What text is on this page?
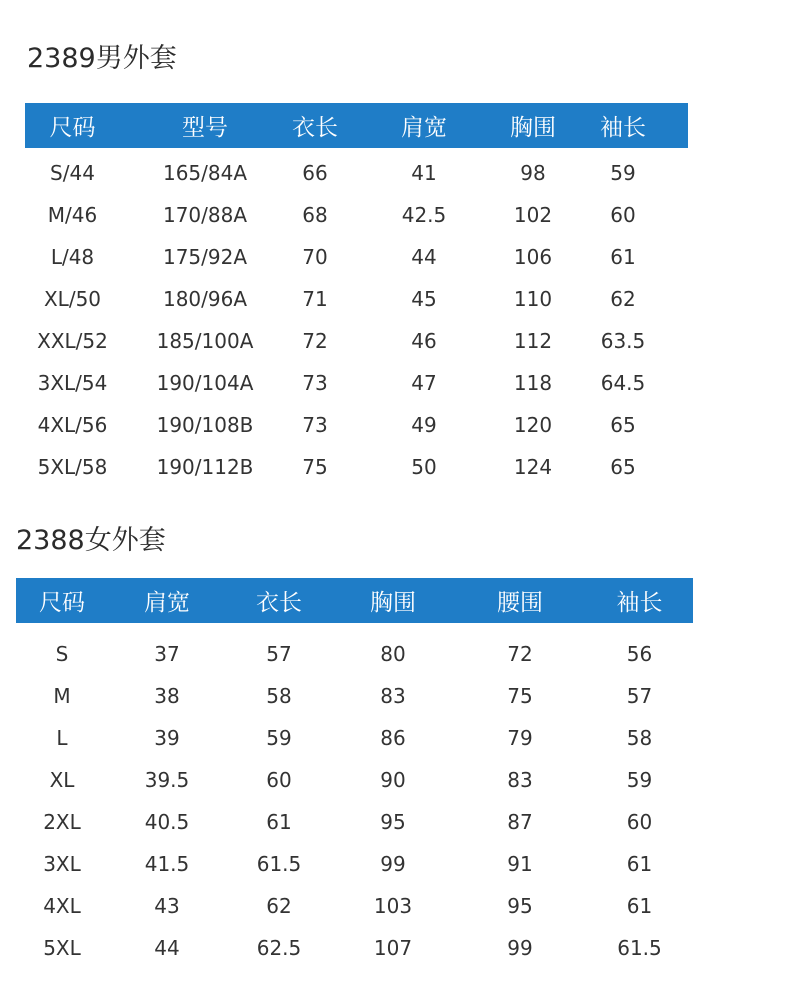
2389男外套
尺码	型号	衣长	肩宽	胸围	袖长
S/44	165/84A	66	41	98	59
M/46	170/88A	68	42.5	102	60
L/48	175/92A	70	44	106	61
XL/50	180/96A	71	45	110	62
XXL/52	185/100A	72	46	112	63.5
3XL/54	190/104A	73	47	118	64.5
4XL/56	190/108B	73	49	120	65
5XL/58	190/112B	75	50	124	65
2388女外套
尺码	肩宽	衣长	胸围	腰围	袖长

S	37	57	80	72	56
M	38	58	83	75	57
L	39	59	86	79	58
XL	39.5	60	90	83	59
2XL	40.5	61	95	87	60
3XL	41.5	61.5	99	91	61
4XL	43	62	103	95	61
5XL	44	62.5	107	99	61.5
